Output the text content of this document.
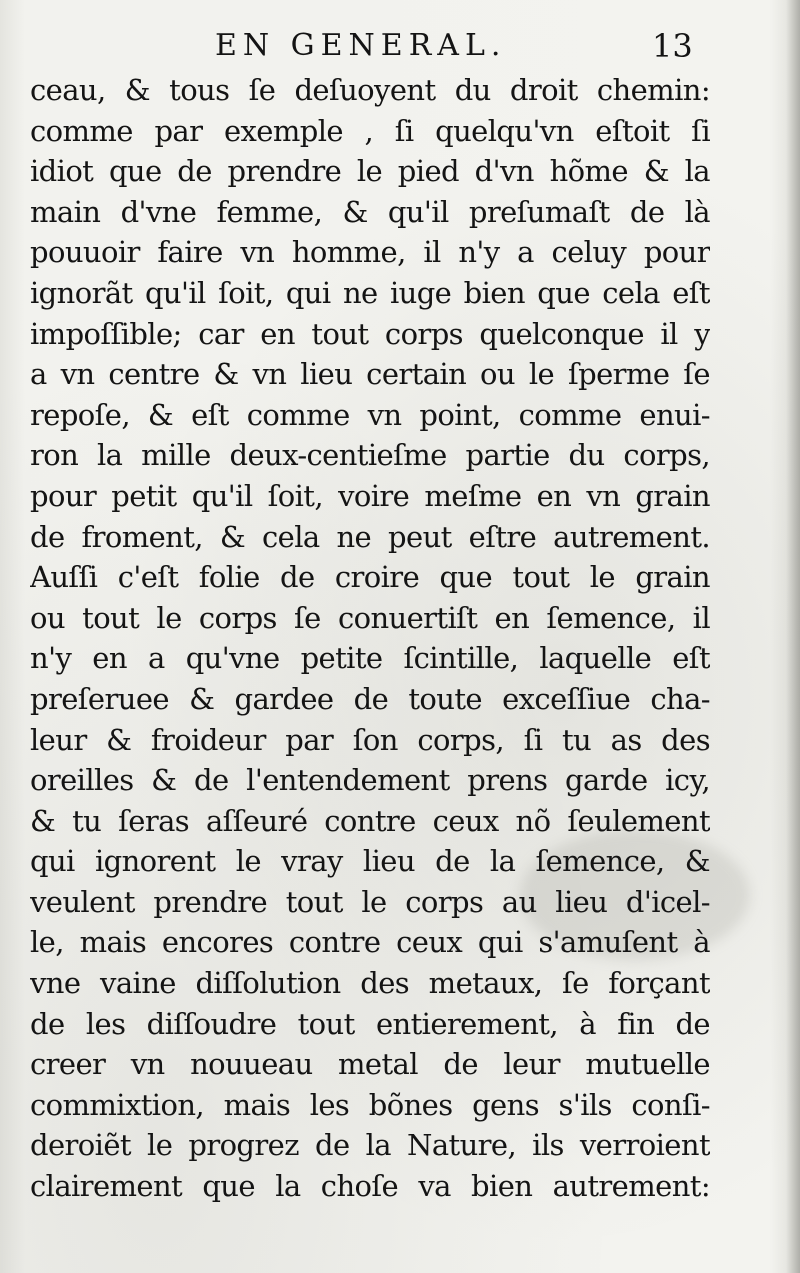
EN GENERAL.	13
ceau, & tous ſe deſuoyent du droit chemin:
comme par exemple , ſi quelqu'vn eſtoit ſi
idiot que de prendre le pied d'vn hõme & la
main d'vne femme, & qu'il preſumaſt de là
pouuoir faire vn homme, il n'y a celuy pour
ignorãt qu'il ſoit, qui ne iuge bien que cela eſt
impoſſible; car en tout corps quelconque il y
a vn centre & vn lieu certain ou le ſperme ſe
repoſe, & eſt comme vn point, comme enui-
ron la mille deux-centieſme partie du corps,
pour petit qu'il ſoit, voire meſme en vn grain
de froment, & cela ne peut eſtre autrement.
Auſſi c'eſt folie de croire que tout le grain
ou tout le corps ſe conuertiſt en ſemence, il
n'y en a qu'vne petite ſcintille, laquelle eſt
preſeruee & gardee de toute exceſſiue cha-
leur & froideur par ſon corps, ſi tu as des
oreilles & de l'entendement prens garde icy,
& tu ſeras aſſeuré contre ceux nõ ſeulement
qui ignorent le vray lieu de la ſemence, &
veulent prendre tout le corps au lieu d'icel-
le, mais encores contre ceux qui s'amuſent à
vne vaine diſſolution des metaux, ſe forçant
de les diſſoudre tout entierement, à fin de
creer vn nouueau metal de leur mutuelle
commixtion, mais les bõnes gens s'ils conſi-
deroiẽt le progrez de la Nature, ils verroient
clairement que la choſe va bien autrement:
